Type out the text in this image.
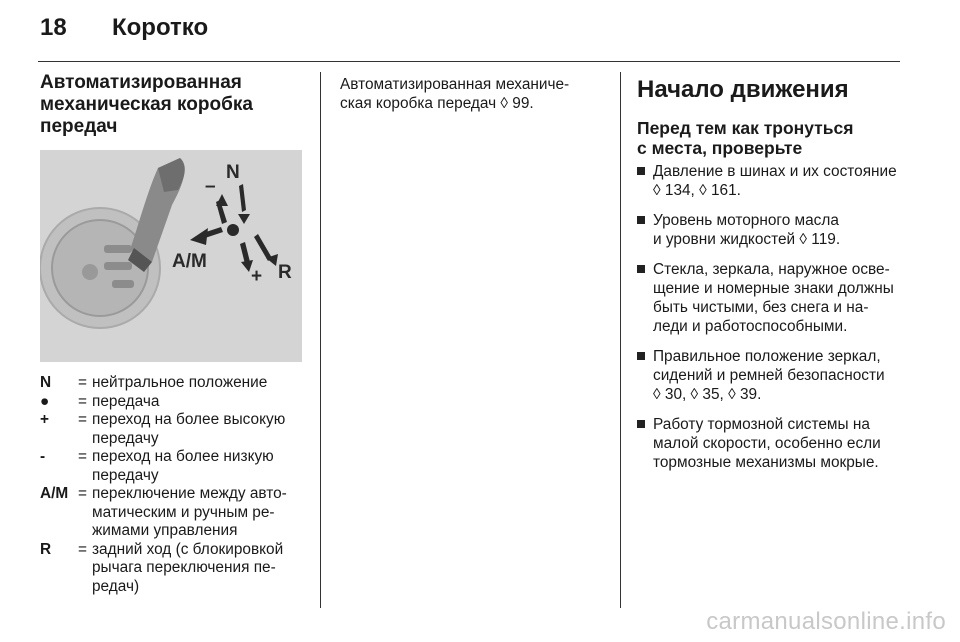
18 Коротко
Автоматизированная
механическая коробка
передач
N
–
A/M
+ R
N	= нейтральное положение
●	= передача
+	= переход на более высокую
передачу
-	= переход на более низкую
передачу
A/M = переключение между авто-
матическим и ручным ре-
жимами управления
R	= задний ход (с блокировкой
рычага переключения пе-
редач)
Автоматизированная механиче-
ская коробка передач ◊ 99.	Начало движения
Перед тем как тронуться
с места, проверьте
Давление в шинах и их состояние
◊ 134, ◊ 161.
Уровень моторного масла
и уровни жидкостей ◊ 119.
Стекла, зеркала, наружное осве-
щение и номерные знаки должны
быть чистыми, без снега и на-
леди и работоспособными.
Правильное положение зеркал,
сидений и ремней безопасности
◊ 30, ◊ 35, ◊ 39.
Работу тормозной системы на
малой скорости, особенно если
тормозные механизмы мокрые.
carmanualsonline.info
